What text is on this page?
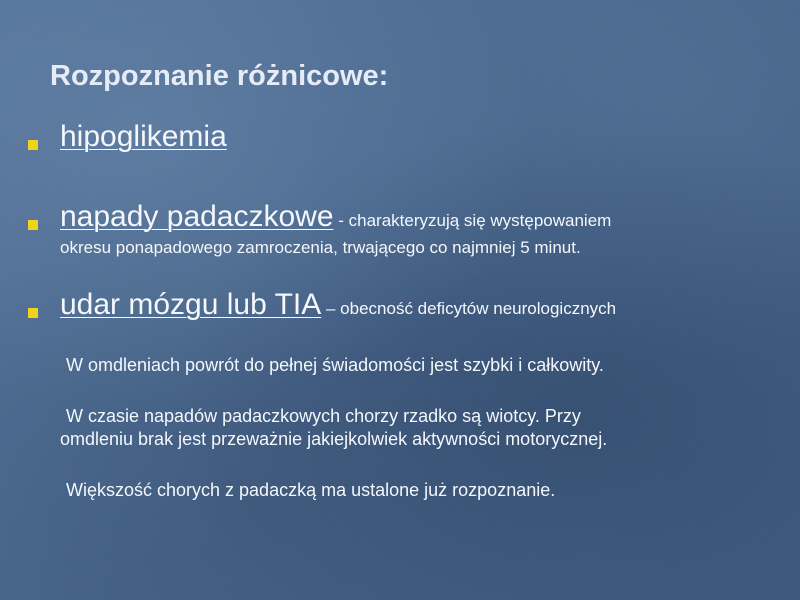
Rozpoznanie różnicowe:
hipoglikemia
napady padaczkowe - charakteryzują się występowaniem
okresu ponapadowego zamroczenia, trwającego co najmniej 5 minut.
udar mózgu lub TIA – obecność deficytów neurologicznych
W omdleniach powrót do pełnej świadomości jest szybki i całkowity.
W czasie napadów padaczkowych chorzy rzadko są wiotcy. Przy
omdleniu brak jest przeważnie jakiejkolwiek aktywności motorycznej.
Większość chorych z padaczką ma ustalone już rozpoznanie.
